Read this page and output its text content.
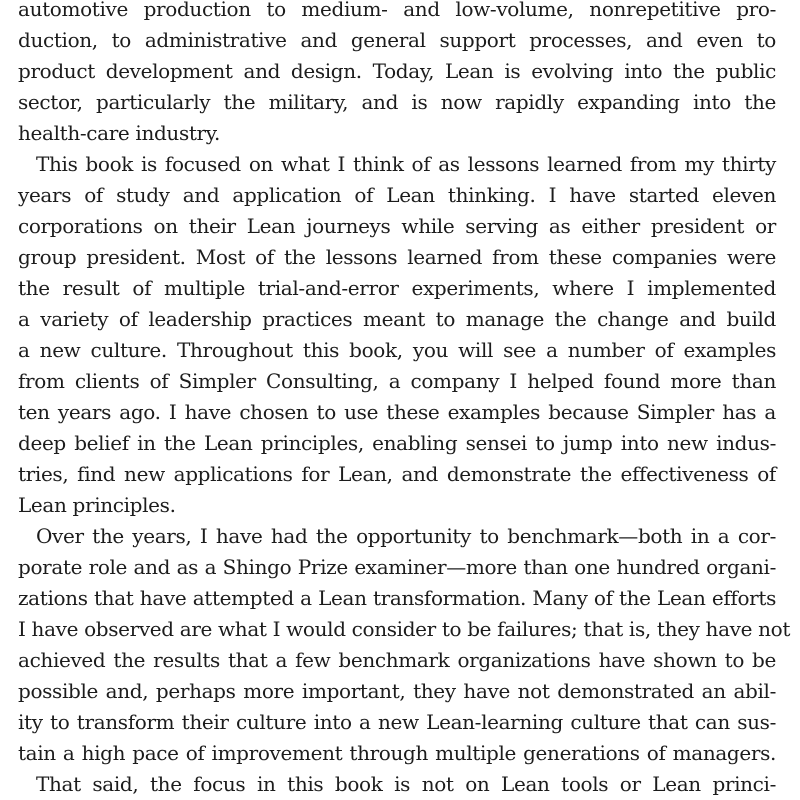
automotive production to medium- and low-volume, nonrepetitive pro-
duction, to administrative and general support processes, and even to
product development and design. Today, Lean is evolving into the public
sector, particularly the military, and is now rapidly expanding into the
health-care industry.
This book is focused on what I think of as lessons learned from my thirty
years of study and application of Lean thinking. I have started eleven
corporations on their Lean journeys while serving as either president or
group president. Most of the lessons learned from these companies were
the result of multiple trial-and-error experiments, where I implemented
a variety of leadership practices meant to manage the change and build
a new culture. Throughout this book, you will see a number of examples
from clients of Simpler Consulting, a company I helped found more than
ten years ago. I have chosen to use these examples because Simpler has a
deep belief in the Lean principles, enabling sensei to jump into new indus-
tries, find new applications for Lean, and demonstrate the effectiveness of
Lean principles.
Over the years, I have had the opportunity to benchmark—both in a cor-
porate role and as a Shingo Prize examiner—more than one hundred organi-
zations that have attempted a Lean transformation. Many of the Lean efforts
I have observed are what I would consider to be failures; that is, they have not
achieved the results that a few benchmark organizations have shown to be
possible and, perhaps more important, they have not demonstrated an abil-
ity to transform their culture into a new Lean-learning culture that can sus-
tain a high pace of improvement through multiple generations of managers.
That said, the focus in this book is not on Lean tools or Lean princi-
